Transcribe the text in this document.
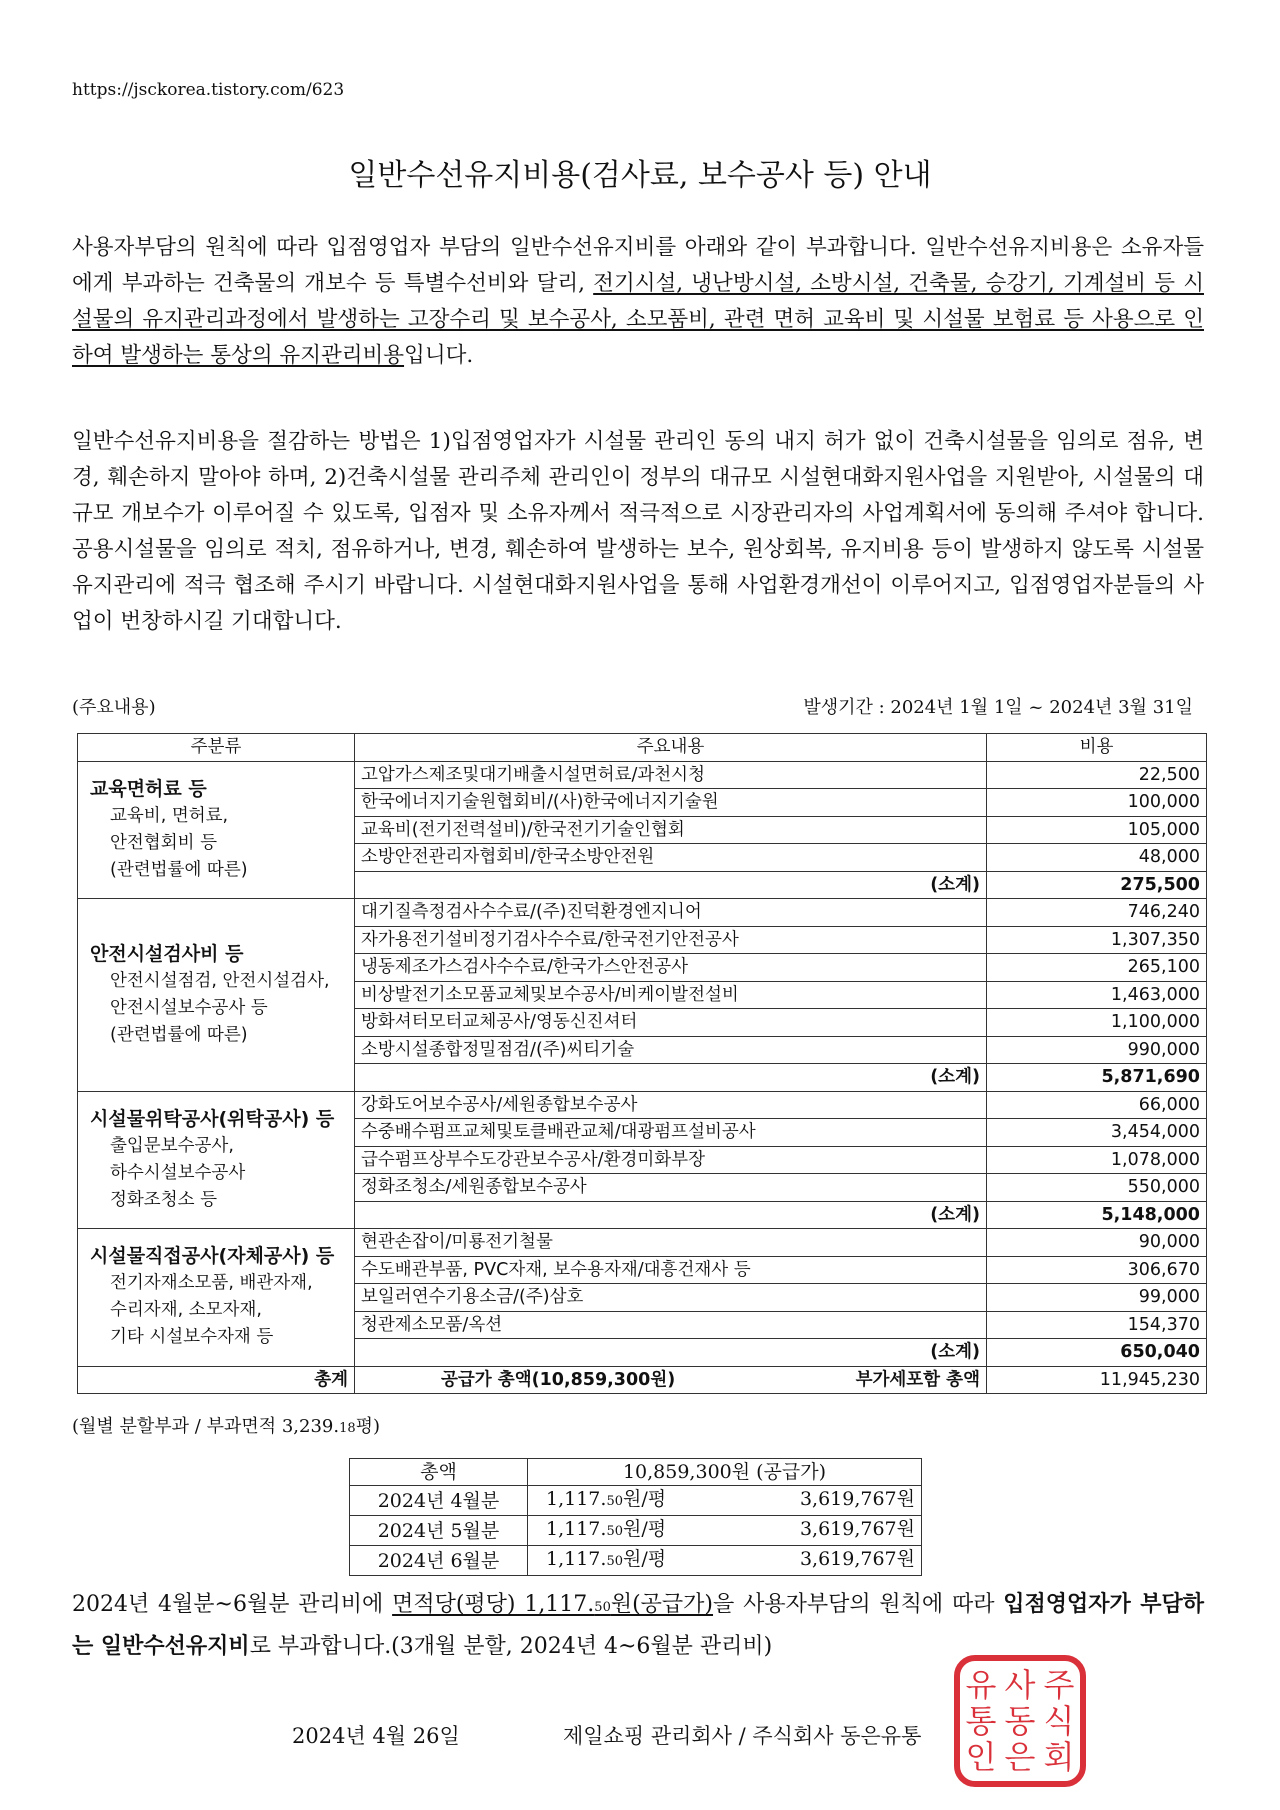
https://jsckorea.tistory.com/623
일반수선유지비용(검사료, 보수공사 등) 안내
사용자부담의 원칙에 따라 입점영업자 부담의 일반수선유지비를 아래와 같이 부과합니다. 일반수선유지비용은 소유자들에게 부과하는 건축물의 개보수 등 특별수선비와 달리, 전기시설, 냉난방시설, 소방시설, 건축물, 승강기, 기계설비 등 시설물의 유지관리과정에서 발생하는 고장수리 및 보수공사, 소모품비, 관련 면허 교육비 및 시설물 보험료 등 사용으로 인하여 발생하는 통상의 유지관리비용입니다.
일반수선유지비용을 절감하는 방법은 1)입점영업자가 시설물 관리인 동의 내지 허가 없이 건축시설물을 임의로 점유, 변경, 훼손하지 말아야 하며, 2)건축시설물 관리주체 관리인이 정부의 대규모 시설현대화지원사업을 지원받아, 시설물의 대규모 개보수가 이루어질 수 있도록, 입점자 및 소유자께서 적극적으로 시장관리자의 사업계획서에 동의해 주셔야 합니다. 공용시설물을 임의로 적치, 점유하거나, 변경, 훼손하여 발생하는 보수, 원상회복, 유지비용 등이 발생하지 않도록 시설물유지관리에 적극 협조해 주시기 바랍니다. 시설현대화지원사업을 통해 사업환경개선이 이루어지고, 입점영업자분들의 사업이 번창하시길 기대합니다.
(주요내용)	발생기간 : 2024년 1월 1일 ~ 2024년 3월 31일
주분류	주요내용	비용

교육면허료 등
교육비, 면허료,
안전협회비 등
(관련법률에 따른)	고압가스제조및대기배출시설면허료/과천시청	22,500
	한국에너지기술원협회비/(사)한국에너지기술원	100,000
	교육비(전기전력설비)/한국전기기술인협회	105,000
	소방안전관리자협회비/한국소방안전원	48,000
	(소계)	275,500

안전시설검사비 등
안전시설점검, 안전시설검사,
안전시설보수공사 등
(관련법률에 따른)	대기질측정검사수수료/(주)진덕환경엔지니어	746,240
	자가용전기설비정기검사수수료/한국전기안전공사	1,307,350
	냉동제조가스검사수수료/한국가스안전공사	265,100
	비상발전기소모품교체및보수공사/비케이발전설비	1,463,000
	방화셔터모터교체공사/영동신진셔터	1,100,000
	소방시설종합정밀점검/(주)씨티기술	990,000
	(소계)	5,871,690

시설물위탁공사(위탁공사) 등
출입문보수공사,
하수시설보수공사
정화조청소 등	강화도어보수공사/세원종합보수공사	66,000
	수중배수펌프교체및토클배관교체/대광펌프설비공사	3,454,000
	급수펌프상부수도강관보수공사/환경미화부장	1,078,000
	정화조청소/세원종합보수공사	550,000
	(소계)	5,148,000

시설물직접공사(자체공사) 등
전기자재소모품, 배관자재,
수리자재, 소모자재,
기타 시설보수자재 등	현관손잡이/미룡전기철물	90,000
	수도배관부품, PVC자재, 보수용자재/대흥건재사 등	306,670
	보일러연수기용소금/(주)삼호	99,000
	청관제소모품/옥션	154,370
	(소계)	650,040
총계	공급가 총액(10,859,300원) 부가세포함 총액	11,945,230
(월별 분할부과 / 부과면적 3,239.18평)
총액	10,859,300원 (공급가)
2024년 4월분	1,117.50원/평 3,619,767원

2024년 5월분	1,117.50원/평 3,619,767원

2024년 6월분	1,117.50원/평 3,619,767원
2024년 4월분~6월분 관리비에 면적당(평당) 1,117.50원(공급가)을 사용자부담의 원칙에 따라 입점영업자가 부담하는 일반수선유지비로 부과합니다.(3개월 분할, 2024년 4~6월분 관리비)
2024년 4월 26일	제일쇼핑 관리회사 / 주식회사 동은유통
주
식
회
사
동
은
유
통
인
